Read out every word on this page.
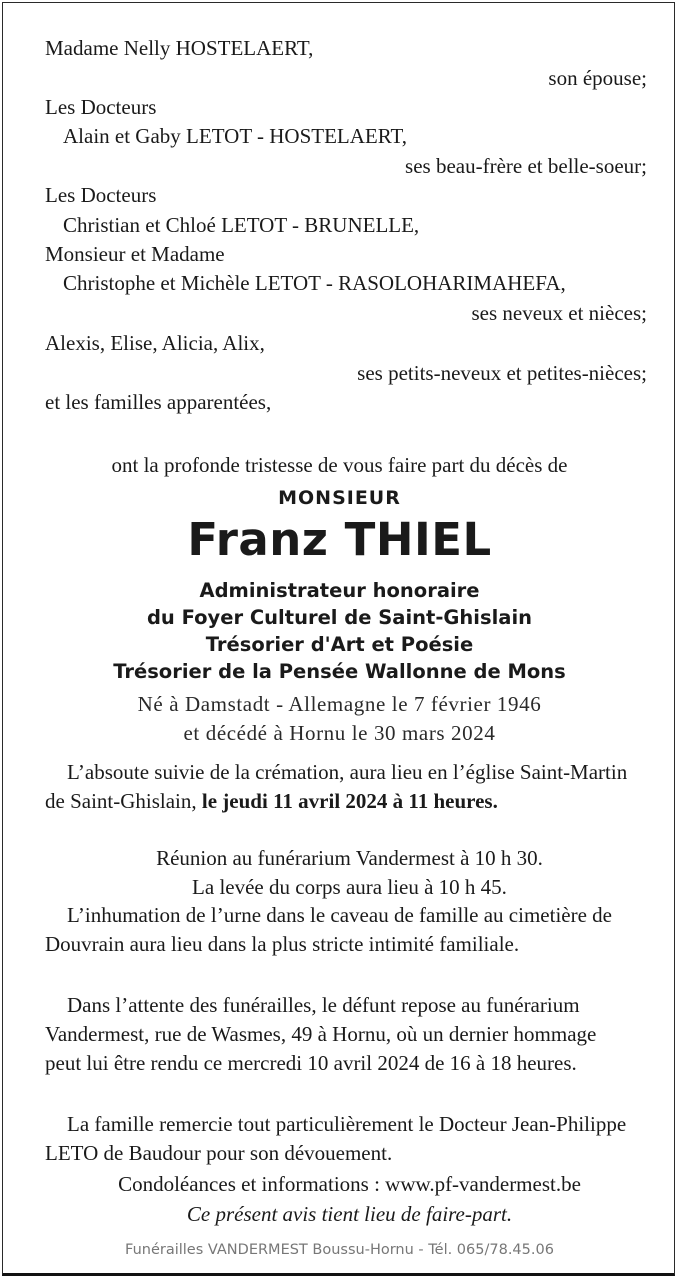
Madame Nelly HOSTELAERT,
son épouse;
Les Docteurs
Alain et Gaby LETOT - HOSTELAERT,
ses beau-frère et belle-soeur;
Les Docteurs
Christian et Chloé LETOT - BRUNELLE,
Monsieur et Madame
Christophe et Michèle LETOT - RASOLOHARIMAHEFA,
ses neveux et nièces;
Alexis, Elise, Alicia, Alix,
ses petits-neveux et petites-nièces;
et les familles apparentées,
ont la profonde tristesse de vous faire part du décès de
MONSIEUR
Franz THIEL
Administrateur honoraire
du Foyer Culturel de Saint-Ghislain
Trésorier d'Art et Poésie
Trésorier de la Pensée Wallonne de Mons
Né à Damstadt - Allemagne le 7 février 1946
et décédé à Hornu le 30 mars 2024
L’absoute suivie de la crémation, aura lieu en l’église Saint-Martin de Saint-Ghislain, le jeudi 11 avril 2024 à 11 heures.
Réunion au funérarium Vandermest à 10 h 30.
La levée du corps aura lieu à 10 h 45.
L’inhumation de l’urne dans le caveau de famille au cimetière de Douvrain aura lieu dans la plus stricte intimité familiale.
Dans l’attente des funérailles, le défunt repose au funérarium Vandermest, rue de Wasmes, 49 à Hornu, où un dernier hommage peut lui être rendu ce mercredi 10 avril 2024 de 16 à 18 heures.
La famille remercie tout particulièrement le Docteur Jean-Philippe LETO de Baudour pour son dévouement.
Condoléances et informations : www.pf-vandermest.be
Ce présent avis tient lieu de faire-part.
Funérailles VANDERMEST Boussu-Hornu - Tél. 065/78.45.06
